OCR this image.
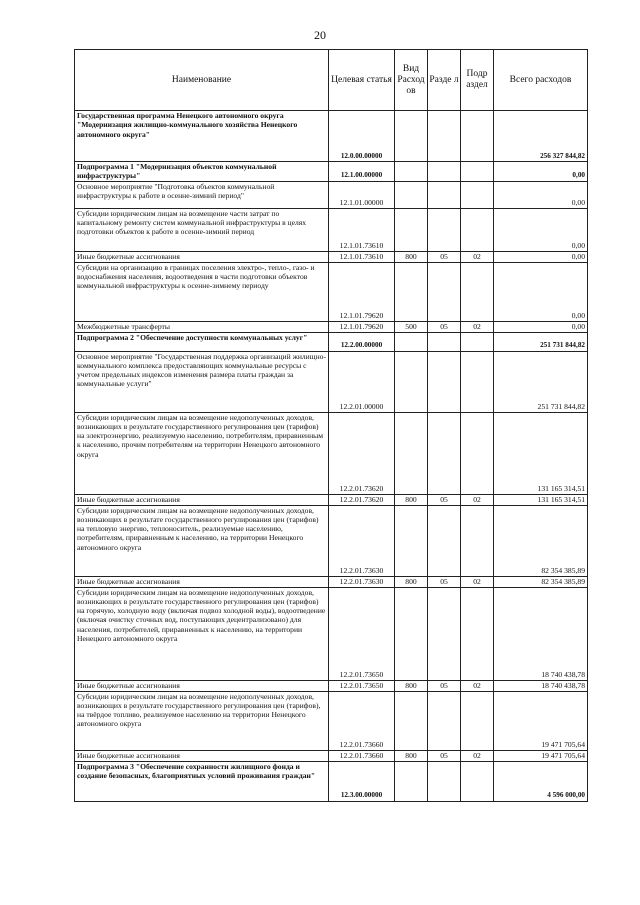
20
Наименование	Целевая статья	Вид Расход ов	Разде л	Подр аздел	Всего расходов
Государственная программа Ненецкого автономного округа "Модернизация жилищно-коммунального хозяйства Ненецкого автономного округа"	12.0.00.00000				256 327 844,82
Подпрограмма 1 "Модернизация объектов коммунальной инфраструктуры"	12.1.00.00000				0,00
Основное мероприятие "Подготовка объектов коммунальной инфраструктуры к работе в осенне-зимний период"	12.1.01.00000				0,00
Субсидии юридическим лицам на возмещение части затрат по капитальному ремонту систем коммунальной инфраструктуры в целях подготовки объектов к работе в осенне-зимний период	12.1.01.73610				0,00
Иные бюджетные ассигнования	12.1.01.73610	800	05	02	0,00
Субсидии на организацию в границах поселения электро-, тепло-, газо- и водоснабжения населения, водоотведения в части подготовки объектов коммунальной инфраструктуры к осенне-зимнему периоду	12.1.01.79620				0,00
Межбюджетные трансферты	12.1.01.79620	500	05	02	0,00
Подпрограмма 2 "Обеспечение доступности коммунальных услуг"	12.2.00.00000				251 731 844,82
Основное мероприятие "Государственная поддержка организаций жилищно-коммунального комплекса предоставляющих коммунальные ресурсы с учетом предельных индексов изменения размера платы граждан за коммунальные услуги"	12.2.01.00000				251 731 844,82
Субсидии юридическим лицам на возмещение недополученных доходов, возникающих в результате государственного регулирования цен (тарифов) на электроэнергию, реализуемую населению, потребителям, приравненным к населению, прочим потребителям на территории Ненецкого автономного округа	12.2.01.73620				131 165 314,51
Иные бюджетные ассигнования	12.2.01.73620	800	05	02	131 165 314,51
Субсидии юридическим лицам на возмещение недополученных доходов, возникающих в результате государственного регулирования цен (тарифов) на тепловую энергию, теплоноситель, реализуемые населению, потребителям, приравненным к населению, на территории Ненецкого автономного округа	12.2.01.73630				82 354 385,89
Иные бюджетные ассигнования	12.2.01.73630	800	05	02	82 354 385,89
Субсидии юридическим лицам на возмещение недополученных доходов, возникающих в результате государственного регулирования цен (тарифов) на горячую, холодную воду (включая подвоз холодной воды), водоотведение (включая очистку сточных вод, поступающих децентрализовано) для населения, потребителей, приравненных к населению, на территории Ненецкого автономного округа	12.2.01.73650				18 740 438,78
Иные бюджетные ассигнования	12.2.01.73650	800	05	02	18 740 438,78
Субсидии юридическим лицам на возмещение недополученных доходов, возникающих в результате государственного регулирования цен (тарифов), на твёрдое топливо, реализуемое населению на территории Ненецкого автономного округа	12.2.01.73660				19 471 705,64
Иные бюджетные ассигнования	12.2.01.73660	800	05	02	19 471 705,64
Подпрограмма 3 "Обеспечение сохранности жилищного фонда и создание безопасных, благоприятных условий проживания граждан"	12.3.00.00000				4 596 000,00
